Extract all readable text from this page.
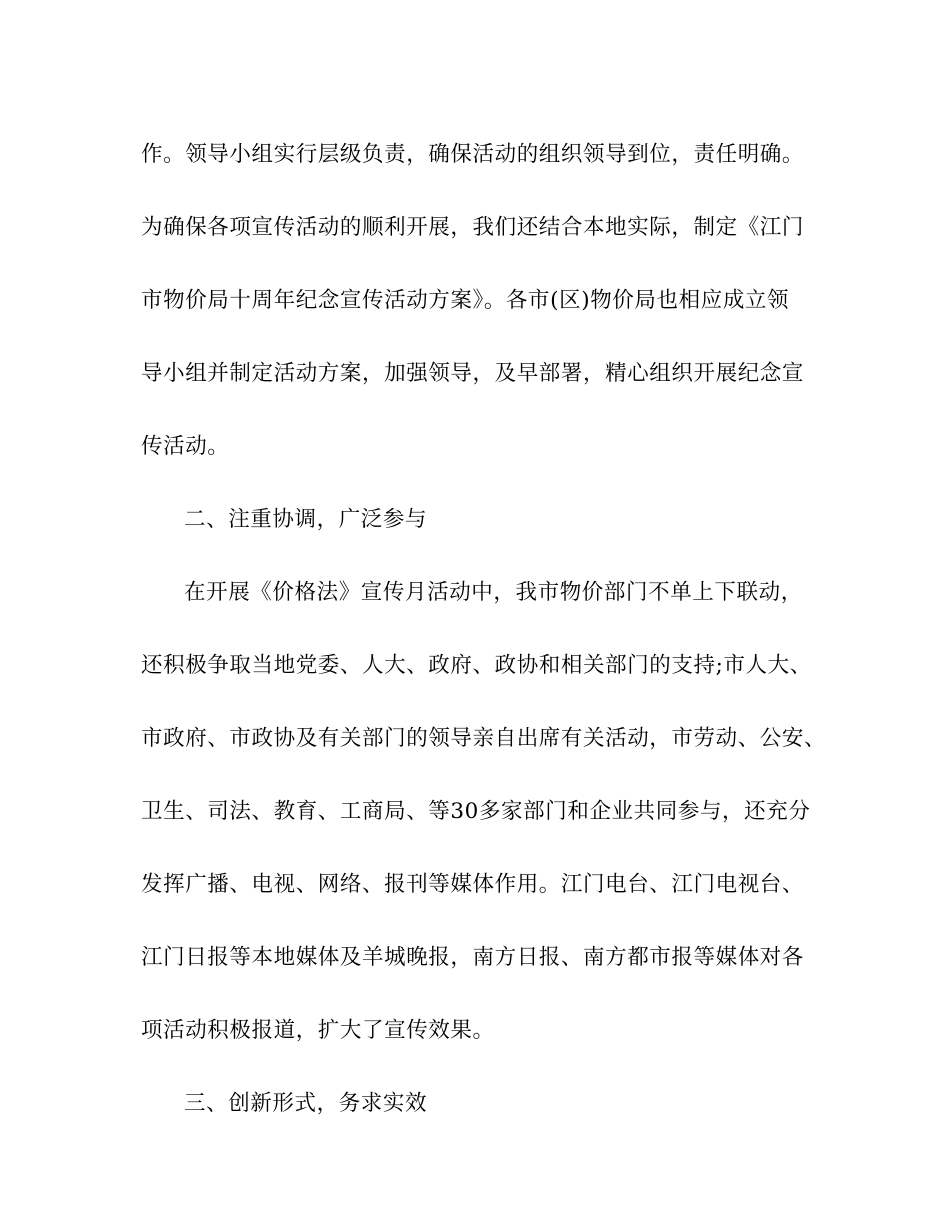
作。领导小组实行层级负责，确保活动的组织领导到位，责任明确。
为确保各项宣传活动的顺利开展，我们还结合本地实际，制定《江门
市物价局十周年纪念宣传活动方案》。各市(区)物价局也相应成立领
导小组并制定活动方案，加强领导，及早部署，精心组织开展纪念宣
传活动。
二、注重协调，广泛参与
在开展《价格法》宣传月活动中，我市物价部门不单上下联动，
还积极争取当地党委、人大、政府、政协和相关部门的支持;市人大、
市政府、市政协及有关部门的领导亲自出席有关活动，市劳动、公安、
卫生、司法、教育、工商局、等30多家部门和企业共同参与，还充分
发挥广播、电视、网络、报刊等媒体作用。江门电台、江门电视台、
江门日报等本地媒体及羊城晚报，南方日报、南方都市报等媒体对各
项活动积极报道，扩大了宣传效果。
三、创新形式，务求实效
